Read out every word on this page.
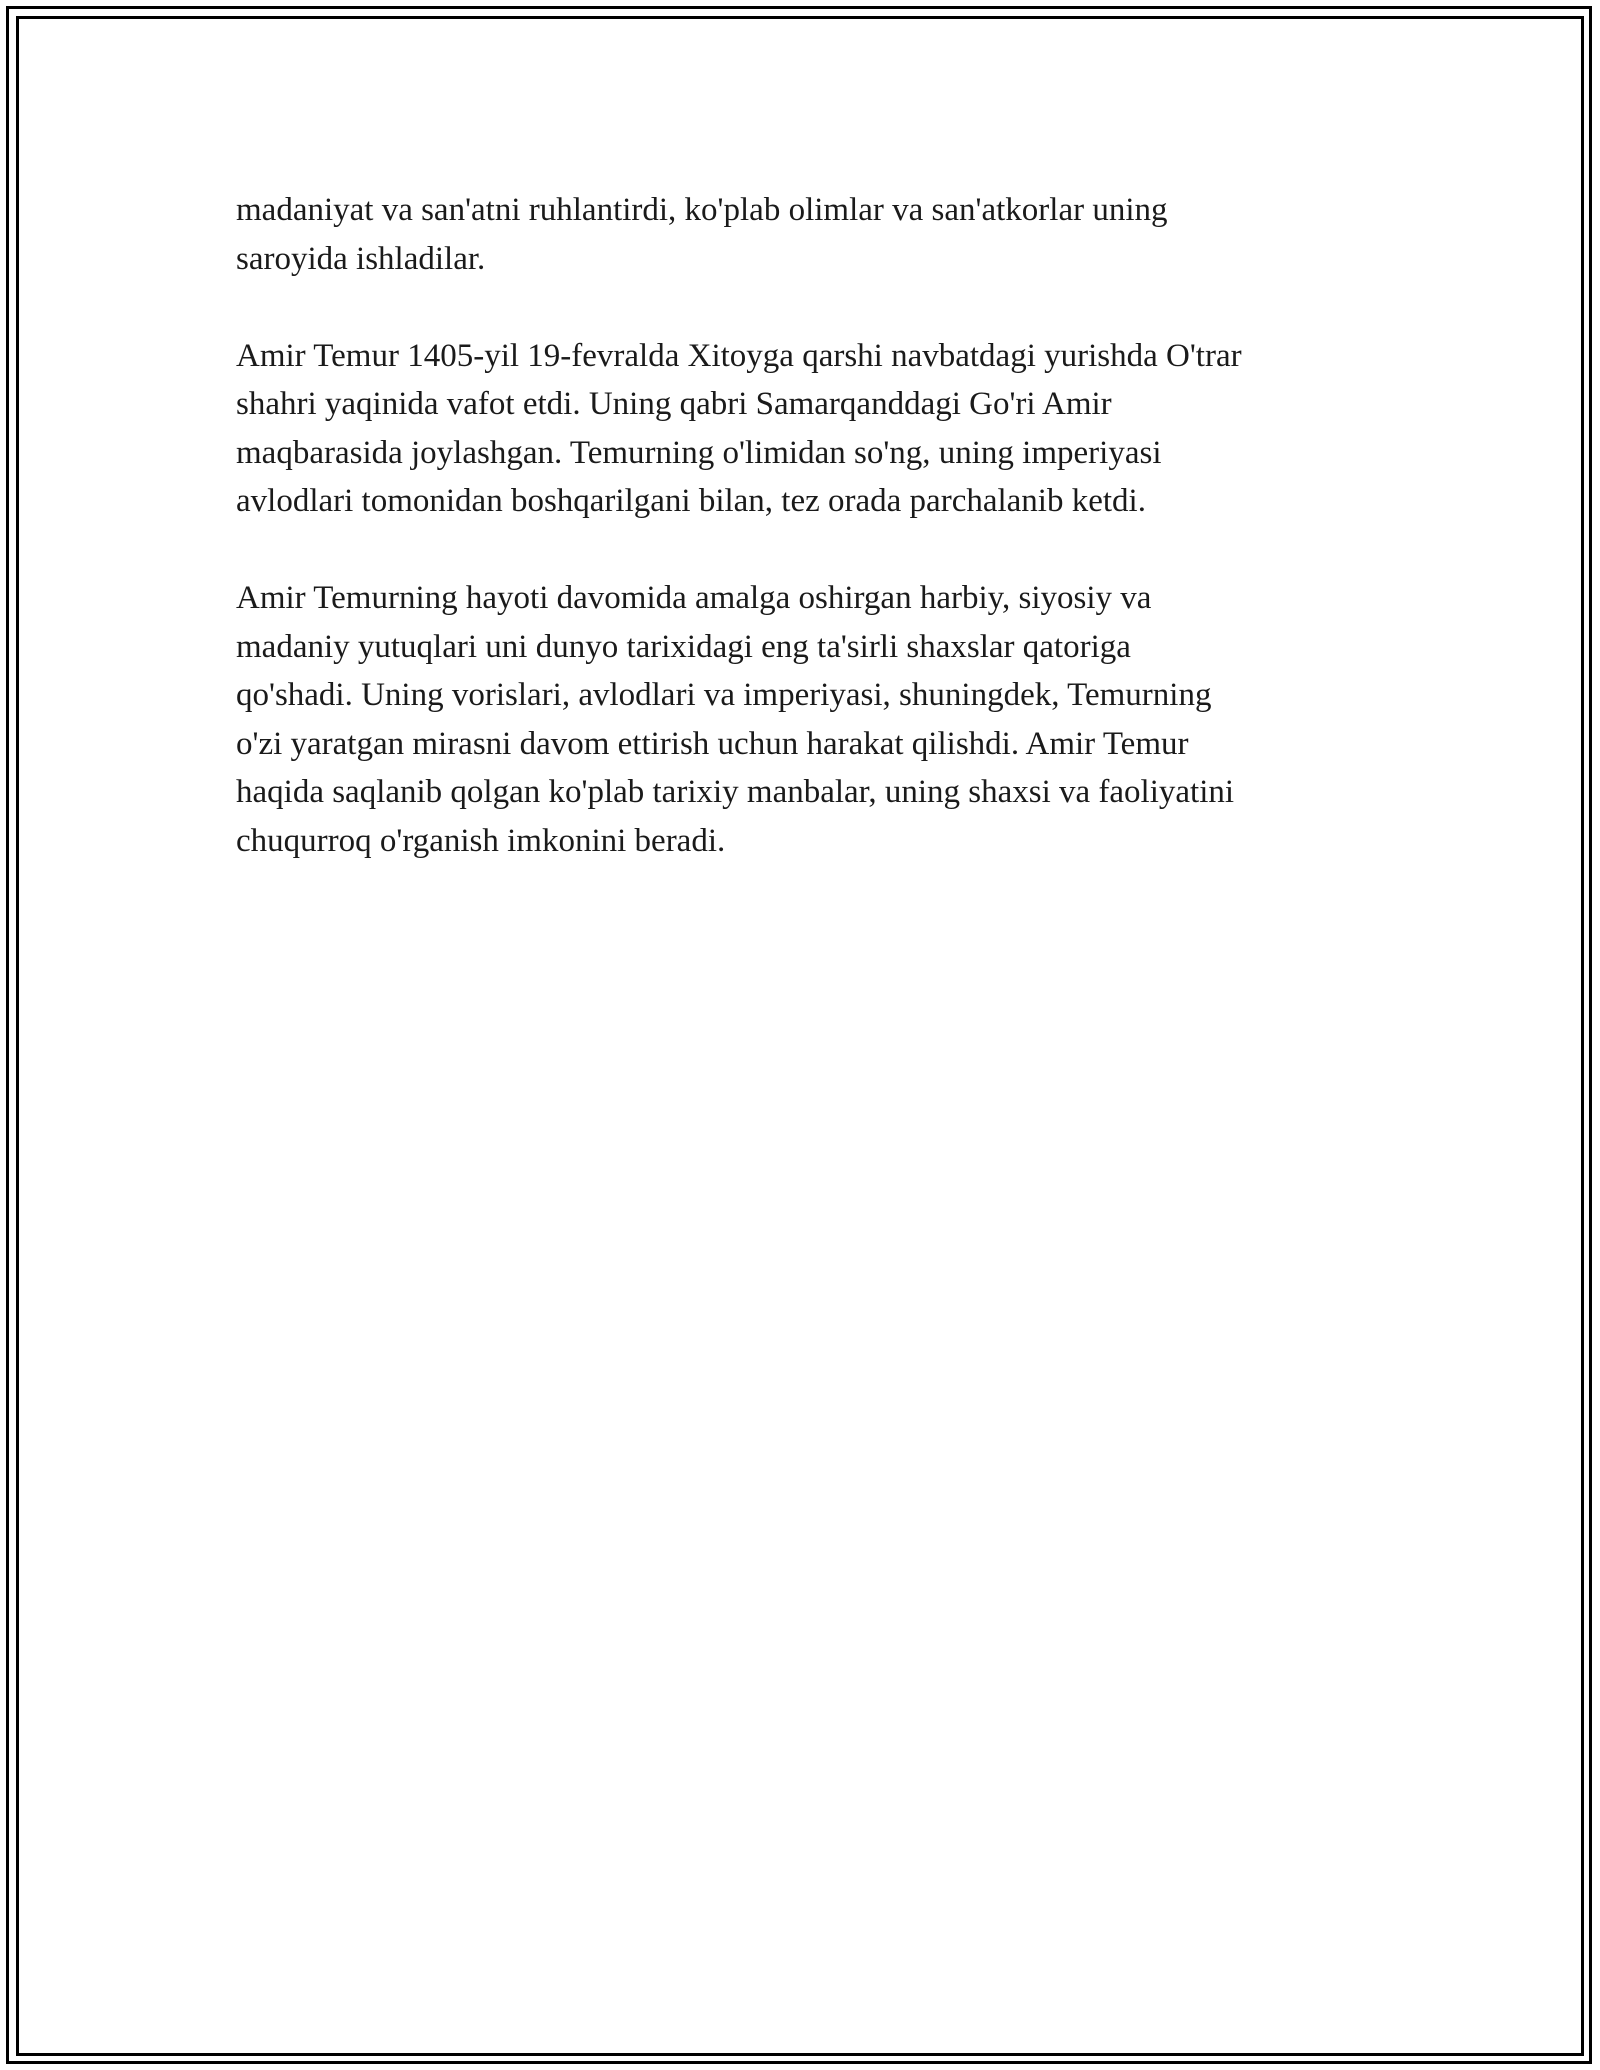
madaniyat va san'atni ruhlantirdi, ko'plab olimlar va san'atkorlar uning
saroyida ishladilar.

Amir Temur 1405-yil 19-fevralda Xitoyga qarshi navbatdagi yurishda O'trar
shahri yaqinida vafot etdi. Uning qabri Samarqanddagi Go'ri Amir
maqbarasida joylashgan. Temurning o'limidan so'ng, uning imperiyasi
avlodlari tomonidan boshqarilgani bilan, tez orada parchalanib ketdi.

Amir Temurning hayoti davomida amalga oshirgan harbiy, siyosiy va
madaniy yutuqlari uni dunyo tarixidagi eng ta'sirli shaxslar qatoriga
qo'shadi. Uning vorislari, avlodlari va imperiyasi, shuningdek, Temurning
o'zi yaratgan mirasni davom ettirish uchun harakat qilishdi. Amir Temur
haqida saqlanib qolgan ko'plab tarixiy manbalar, uning shaxsi va faoliyatini
chuqurroq o'rganish imkonini beradi.
